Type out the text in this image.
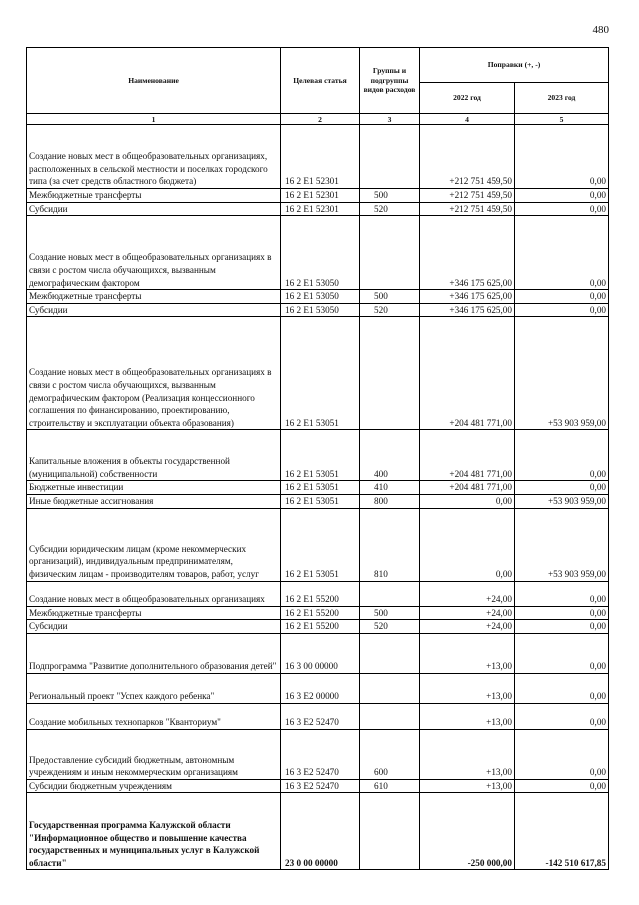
480
Наименование	Целевая статья	Группы и подгруппы видов расходов	Поправки (+, -)	
			2022 год	2023 год
1	2	3	4	5
Создание новых мест в общеобразовательных организациях, расположенных в сельской местности и поселках городского типа (за счет средств областного бюджета)	16 2 E1 52301		+212 751 459,50	0,00
Межбюджетные трансферты	16 2 E1 52301	500	+212 751 459,50	0,00
Субсидии	16 2 E1 52301	520	+212 751 459,50	0,00
Создание новых мест в общеобразовательных организациях в связи с ростом числа обучающихся, вызванным демографическим фактором	16 2 E1 53050		+346 175 625,00	0,00
Межбюджетные трансферты	16 2 E1 53050	500	+346 175 625,00	0,00
Субсидии	16 2 E1 53050	520	+346 175 625,00	0,00
Создание новых мест в общеобразовательных организациях в связи с ростом числа обучающихся, вызванным демографическим фактором (Реализация концессионного соглашения по финансированию, проектированию, строительству и эксплуатации объекта образования)	16 2 E1 53051		+204 481 771,00	+53 903 959,00
Капитальные вложения в объекты государственной (муниципальной) собственности	16 2 E1 53051	400	+204 481 771,00	0,00
Бюджетные инвестиции	16 2 E1 53051	410	+204 481 771,00	0,00
Иные бюджетные ассигнования	16 2 E1 53051	800	0,00	+53 903 959,00
Субсидии юридическим лицам (кроме некоммерческих организаций), индивидуальным предпринимателям, физическим лицам - производителям товаров, работ, услуг	16 2 E1 53051	810	0,00	+53 903 959,00
Создание новых мест в общеобразовательных организациях	16 2 E1 55200		+24,00	0,00
Межбюджетные трансферты	16 2 E1 55200	500	+24,00	0,00
Субсидии	16 2 E1 55200	520	+24,00	0,00
Подпрограмма "Развитие дополнительного образования детей"	16 3 00 00000		+13,00	0,00
Региональный проект "Успех каждого ребенка"	16 3 E2 00000		+13,00	0,00
Создание мобильных технопарков "Кванториум"	16 3 E2 52470		+13,00	0,00
Предоставление субсидий бюджетным, автономным учреждениям и иным некоммерческим организациям	16 3 E2 52470	600	+13,00	0,00
Субсидии бюджетным учреждениям	16 3 E2 52470	610	+13,00	0,00
Государственная программа Калужской области "Информационное общество и повышение качества государственных и муниципальных услуг в Калужской области"	23 0 00 00000		-250 000,00	-142 510 617,85
